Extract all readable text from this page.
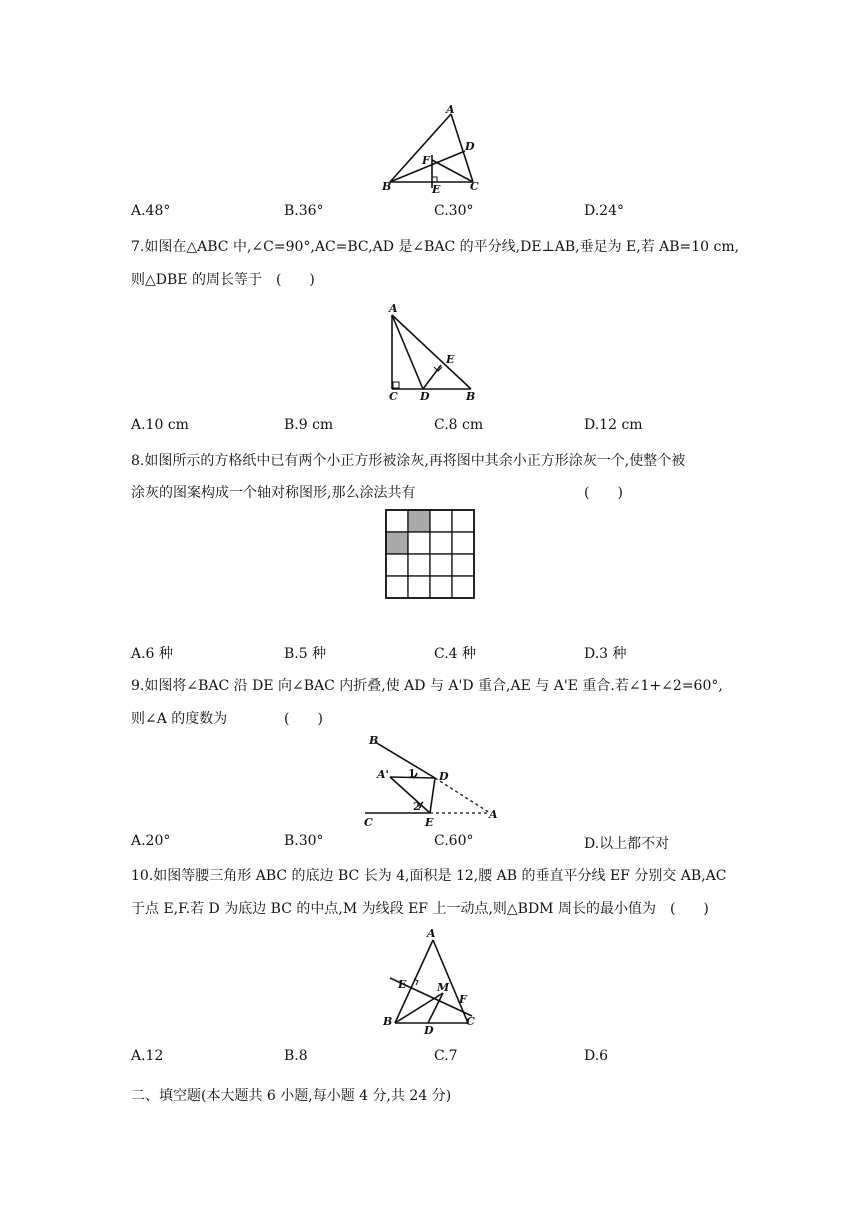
A
D
F
B	E	C
A.48°	B.36°	C.30°	D.24°
7.如图在△ABC 中,∠C=90°,AC=BC,AD 是∠BAC 的平分线,DE⊥AB,垂足为 E,若 AB=10 cm,
则△DBE 的周长等于　(　　)
A
E
C D	B
A.10 cm	B.9 cm	C.8 cm	D.12 cm
8.如图所示的方格纸中已有两个小正方形被涂灰,再将图中其余小正方形涂灰一个,使整个被
涂灰的图案构成一个轴对称图形,那么涂法共有	(　　)
A.6 种	B.5 种	C.4 种	D.3 种
9.如图将∠BAC 沿 DE 向∠BAC 内折叠,使 AD 与 A'D 重合,AE 与 A'E 重合.若∠1+∠2=60°,
则∠A 的度数为	(　　)
B
A' 1 D
2
C	E
A
A.20°	B.30°	C.60°	D.以上都不对
10.如图等腰三角形 ABC 的底边 BC 长为 4,面积是 12,腰 AB 的垂直平分线 EF 分别交 AB,AC
于点 E,F.若 D 为底边 BC 的中点,M 为线段 EF 上一动点,则△BDM 周长的最小值为　(　　)
A
E	M
F
B
D
C
A.12	B.8	C.7	D.6
二、填空题(本大题共 6 小题,每小题 4 分,共 24 分)
